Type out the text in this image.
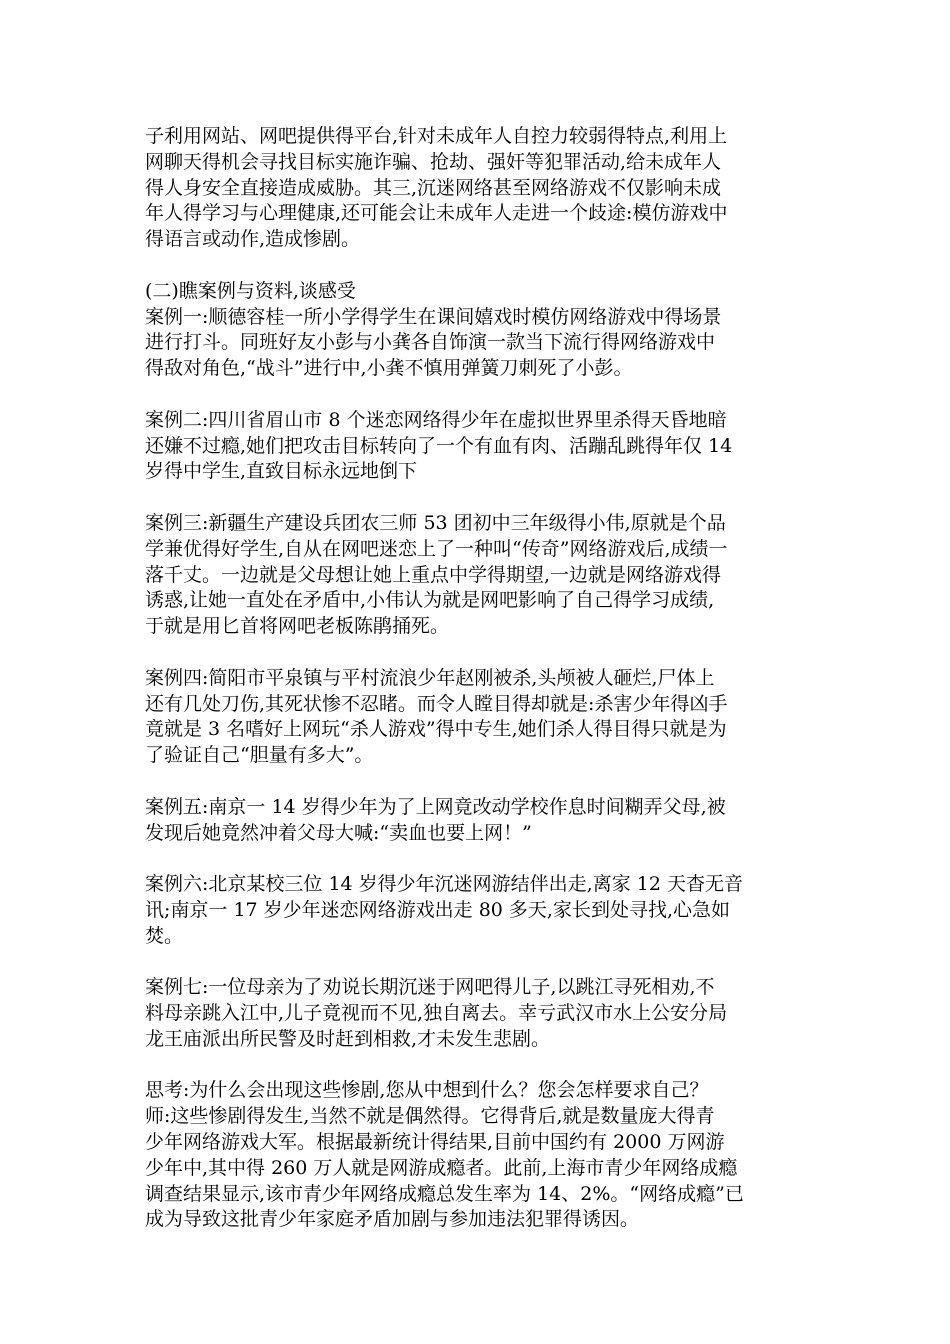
子利用网站、网吧提供得平台,针对未成年人自控力较弱得特点,利用上
网聊天得机会寻找目标实施诈骗、抢劫、强奸等犯罪活动,给未成年人
得人身安全直接造成威胁。其三,沉迷网络甚至网络游戏不仅影响未成
年人得学习与心理健康,还可能会让未成年人走进一个歧途:模仿游戏中
得语言或动作,造成惨剧。
(二)瞧案例与资料,谈感受
案例一:顺德容桂一所小学得学生在课间嬉戏时模仿网络游戏中得场景
进行打斗。同班好友小彭与小龚各自饰演一款当下流行得网络游戏中
得敌对角色,“战斗”进行中,小龚不慎用弹簧刀刺死了小彭。
案例二:四川省眉山市 8 个迷恋网络得少年在虚拟世界里杀得天昏地暗
还嫌不过瘾,她们把攻击目标转向了一个有血有肉、活蹦乱跳得年仅 14
岁得中学生,直致目标永远地倒下
案例三:新疆生产建设兵团农三师 53 团初中三年级得小伟,原就是个品
学兼优得好学生,自从在网吧迷恋上了一种叫“传奇”网络游戏后,成绩一
落千丈。一边就是父母想让她上重点中学得期望,一边就是网络游戏得
诱惑,让她一直处在矛盾中,小伟认为就是网吧影响了自己得学习成绩,
于就是用匕首将网吧老板陈鹃捅死。
案例四:简阳市平泉镇与平村流浪少年赵刚被杀,头颅被人砸烂,尸体上
还有几处刀伤,其死状惨不忍睹。而令人瞠目得却就是:杀害少年得凶手
竟就是 3 名嗜好上网玩“杀人游戏”得中专生,她们杀人得目得只就是为
了验证自己“胆量有多大”。
案例五:南京一 14 岁得少年为了上网竟改动学校作息时间糊弄父母,被
发现后她竟然冲着父母大喊:“卖血也要上网！”
案例六:北京某校三位 14 岁得少年沉迷网游结伴出走,离家 12 天杳无音
讯;南京一 17 岁少年迷恋网络游戏出走 80 多天,家长到处寻找,心急如
焚。
案例七:一位母亲为了劝说长期沉迷于网吧得儿子,以跳江寻死相劝,不
料母亲跳入江中,儿子竟视而不见,独自离去。幸亏武汉市水上公安分局
龙王庙派出所民警及时赶到相救,才未发生悲剧。
思考:为什么会出现这些惨剧,您从中想到什么？您会怎样要求自己？
师:这些惨剧得发生,当然不就是偶然得。它得背后,就是数量庞大得青
少年网络游戏大军。根据最新统计得结果,目前中国约有 2000 万网游
少年中,其中得 260 万人就是网游成瘾者。此前,上海市青少年网络成瘾
调查结果显示,该市青少年网络成瘾总发生率为 14、2%。“网络成瘾”已
成为导致这批青少年家庭矛盾加剧与参加违法犯罪得诱因。
